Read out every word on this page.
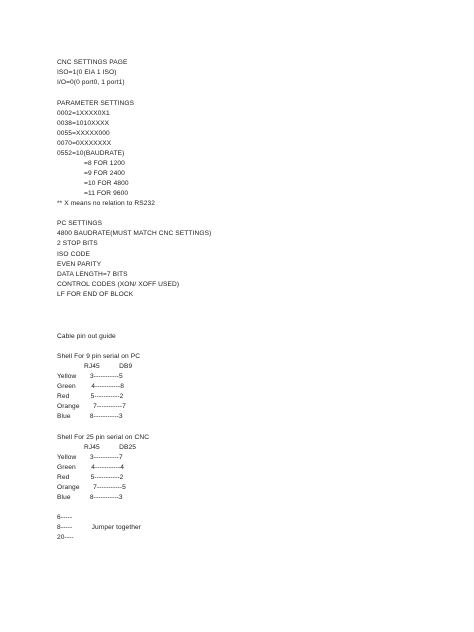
CNC SETTINGS PAGE
ISO=1(0 EIA 1 ISO)
I/O=0(0 port0, 1 port1)
PARAMETER SETTINGS
0002=1XXXX0X1
0038=1010XXXX
0055=XXXXX000
0070=0XXXXXXX
0552=10(BAUDRATE)
=8 FOR 1200
=9 FOR 2400
=10 FOR 4800
=11 FOR 9600
** X means no relation to RS232
PC SETTINGS
4800 BAUDRATE(MUST MATCH CNC SETTINGS)
2 STOP BITS
ISO CODE
EVEN PARITY
DATA LENGTH=7 BITS
CONTROL CODES (XON/ XOFF USED)
LF FOR END OF BLOCK
Cable pin out guide
Shell For 9 pin serial on PC
RJ45          DB9
Yellow       3-----------5
Green        4-----------8
Red           5-----------2
Orange       7-----------7
Blue          8-----------3
Shell For 25 pin serial on CNC
RJ45          DB25
Yellow       3-----------7
Green        4-----------4
Red           5-----------2
Orange       7-----------5
Blue          8-----------3
6-----
8-----          Jumper together
20----
